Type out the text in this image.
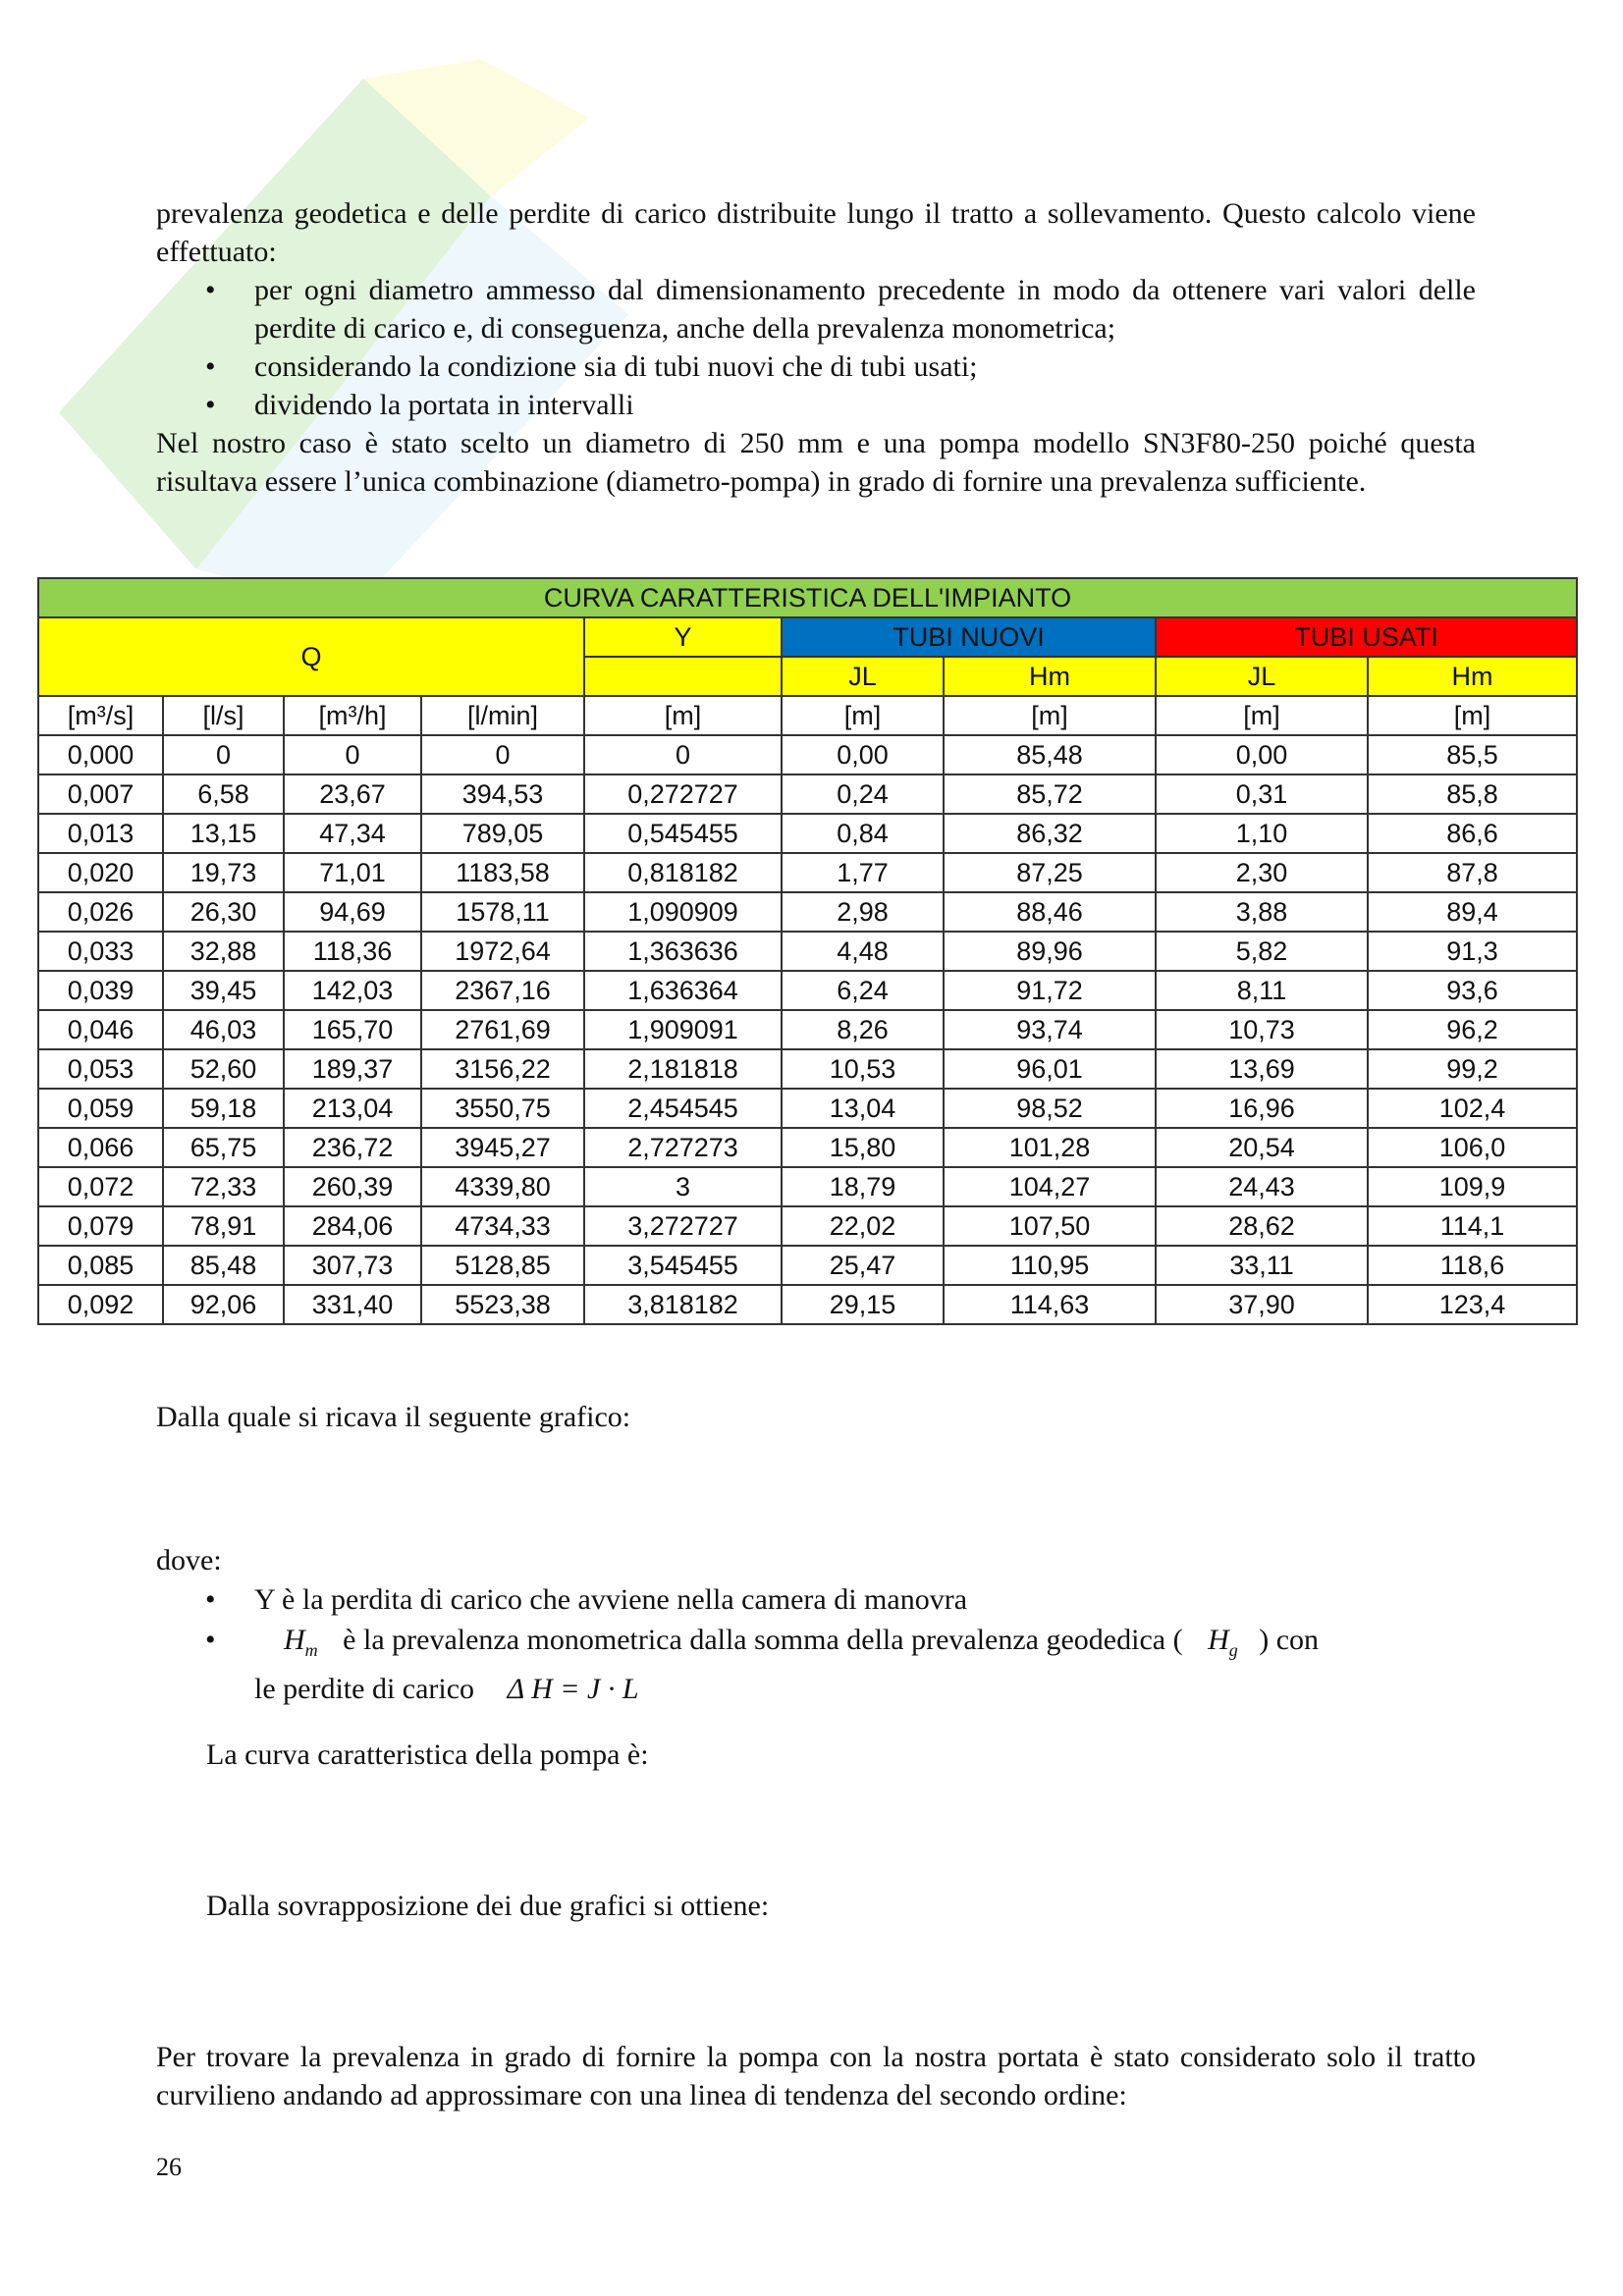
prevalenza geodetica e delle perdite di carico distribuite lungo il tratto a sollevamento. Questo calcolo viene effettuato:
• per ogni diametro ammesso dal dimensionamento precedente in modo da ottenere vari valori delle perdite di carico e, di conseguenza, anche della prevalenza monometrica;
• considerando la condizione sia di tubi nuovi che di tubi usati;
• dividendo la portata in intervalli
Nel nostro caso è stato scelto un diametro di 250 mm e una pompa modello SN3F80-250 poiché questa risultava essere l’unica combinazione (diametro-pompa) in grado di fornire una prevalenza sufficiente.
CURVA CARATTERISTICA DELL'IMPIANTO								
Q				Y	TUBI NUOVI		TUBI USATI	
					JL	Hm	JL	Hm
[m³/s]	[l/s]	[m³/h]	[l/min]	[m]	[m]	[m]	[m]	[m]
0,000	0	0	0	0	0,00	85,48	0,00	85,5
0,007	6,58	23,67	394,53	0,272727	0,24	85,72	0,31	85,8
0,013	13,15	47,34	789,05	0,545455	0,84	86,32	1,10	86,6
0,020	19,73	71,01	1183,58	0,818182	1,77	87,25	2,30	87,8
0,026	26,30	94,69	1578,11	1,090909	2,98	88,46	3,88	89,4
0,033	32,88	118,36	1972,64	1,363636	4,48	89,96	5,82	91,3
0,039	39,45	142,03	2367,16	1,636364	6,24	91,72	8,11	93,6
0,046	46,03	165,70	2761,69	1,909091	8,26	93,74	10,73	96,2
0,053	52,60	189,37	3156,22	2,181818	10,53	96,01	13,69	99,2
0,059	59,18	213,04	3550,75	2,454545	13,04	98,52	16,96	102,4
0,066	65,75	236,72	3945,27	2,727273	15,80	101,28	20,54	106,0
0,072	72,33	260,39	4339,80	3	18,79	104,27	24,43	109,9
0,079	78,91	284,06	4734,33	3,272727	22,02	107,50	28,62	114,1
0,085	85,48	307,73	5128,85	3,545455	25,47	110,95	33,11	118,6
0,092	92,06	331,40	5523,38	3,818182	29,15	114,63	37,90	123,4
Dalla quale si ricava il seguente grafico:
dove:
• Y è la perdita di carico che avviene nella camera di manovra
• $H_m$ è la prevalenza monometrica dalla somma della prevalenza geodedica ( $H_g$ ) con
le perdite di carico Δ H = J · L
La curva caratteristica della pompa è:
Dalla sovrapposizione dei due grafici si ottiene:
Per trovare la prevalenza in grado di fornire la pompa con la nostra portata è stato considerato solo il tratto curvilieno andando ad approssimare con una linea di tendenza del secondo ordine:
26
